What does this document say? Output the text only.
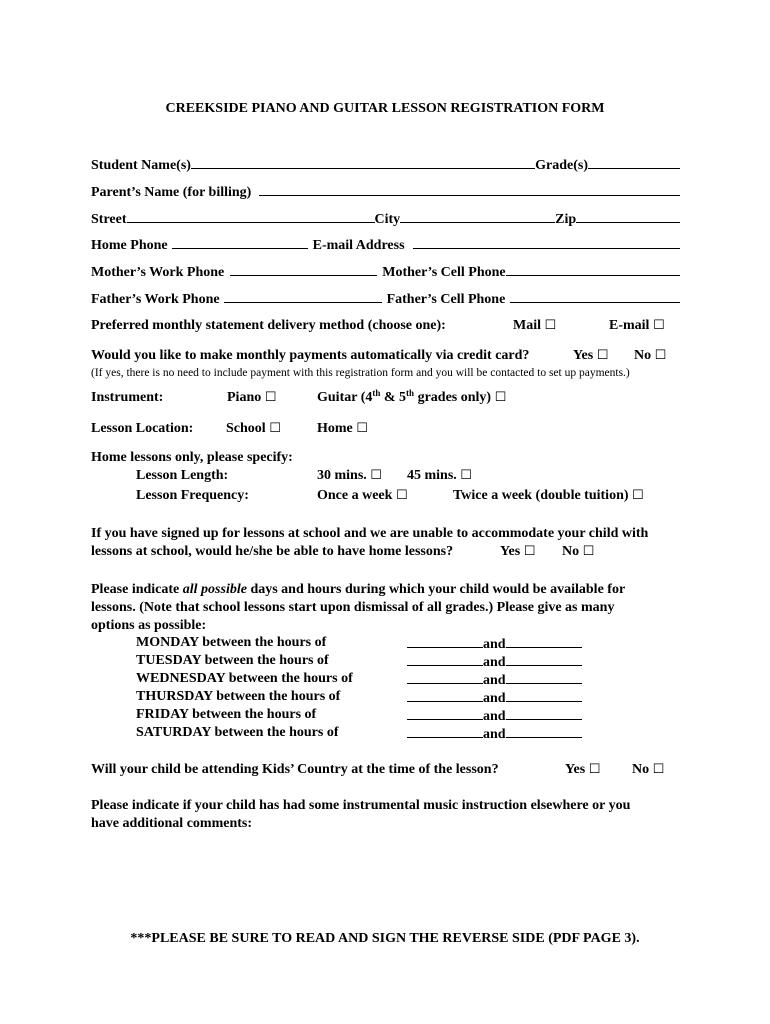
CREEKSIDE PIANO AND GUITAR LESSON REGISTRATION FORM
Student Name(s)	Grade(s)
Parent’s Name (for billing)
Street	City	Zip
Home Phone	E-mail Address
Mother’s Work Phone	Mother’s Cell Phone
Father’s Work Phone	Father’s Cell Phone
Preferred monthly statement delivery method (choose one):	Mail ☐	E-mail ☐
Would you like to make monthly payments automatically via credit card?	Yes ☐ No ☐
(If yes, there is no need to include payment with this registration form and you will be contacted to set up payments.)
Instrument:	Piano ☐	Guitar (4th & 5th grades only) ☐
Lesson Location: School ☐	Home ☐
Home lessons only, please specify:
Lesson Length:	30 mins. ☐ 45 mins. ☐
Lesson Frequency:	Once a week ☐	Twice a week (double tuition) ☐
If you have signed up for lessons at school and we are unable to accommodate your child with
lessons at school, would he/she be able to have home lessons?	Yes ☐ No ☐
Please indicate all possible days and hours during which your child would be available for
lessons. (Note that school lessons start upon dismissal of all grades.) Please give as many
options as possible:
MONDAY between the hours of	and
TUESDAY between the hours of	and
WEDNESDAY between the hours of	and
THURSDAY between the hours of	and
FRIDAY between the hours of	and
SATURDAY between the hours of	and
Will your child be attending Kids’ Country at the time of the lesson?	Yes ☐ No ☐
Please indicate if your child has had some instrumental music instruction elsewhere or you
have additional comments:
***PLEASE BE SURE TO READ AND SIGN THE REVERSE SIDE (PDF PAGE 3).
